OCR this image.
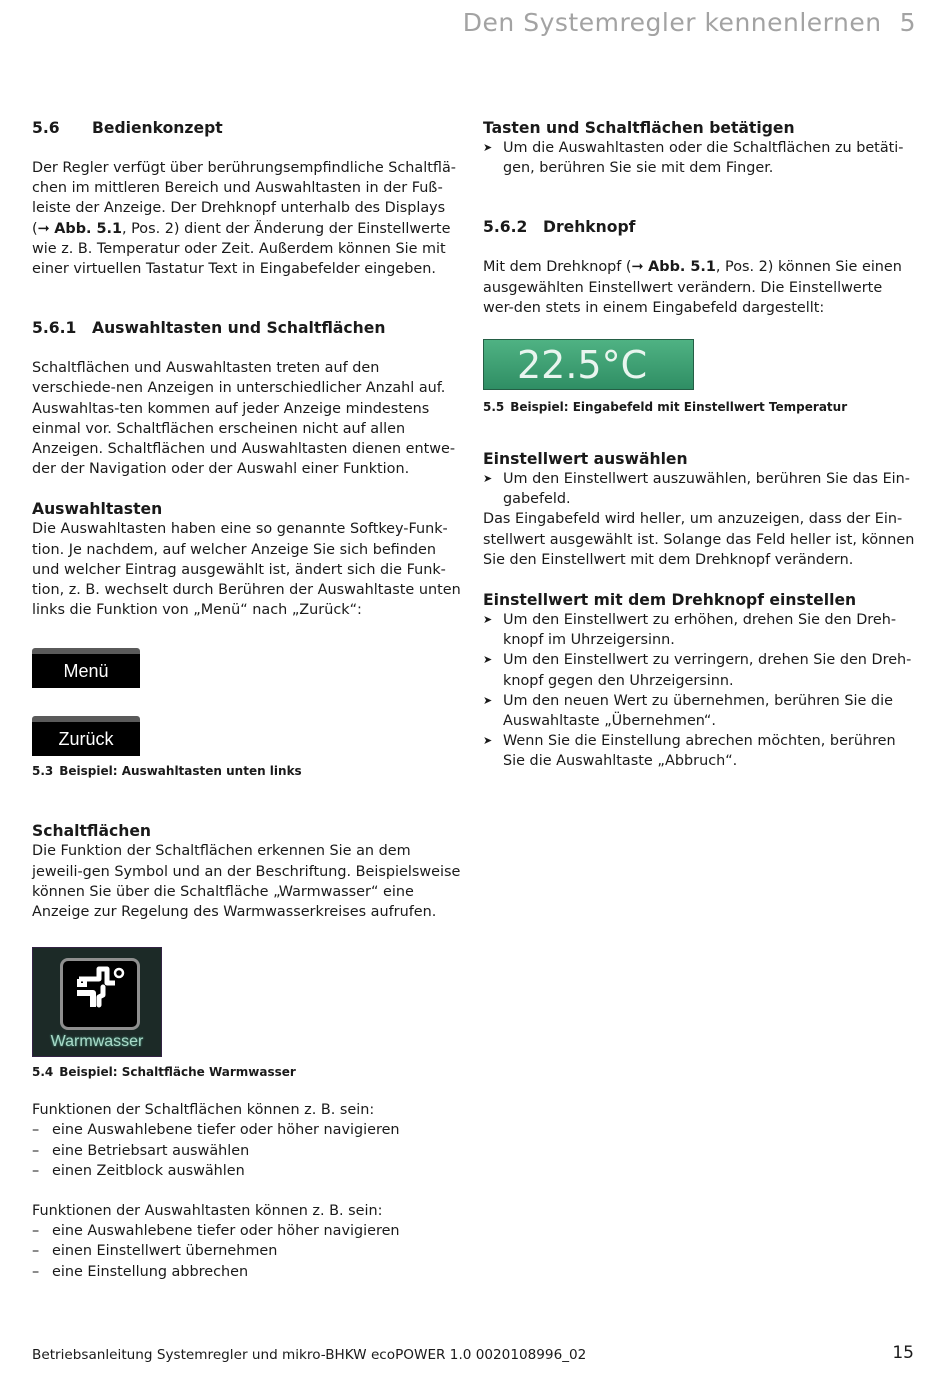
Den Systemregler kennenlernen 5
5.6	Bedienkonzept

Der Regler verfügt über berührungsempfindliche Schaltflä-chen im mittleren Bereich und Auswahltasten in der Fuß-leiste der Anzeige. Der Drehknopf unterhalb des Displays (➞ Abb. 5.1, Pos. 2) dient der Änderung der Einstellwerte wie z. B. Temperatur oder Zeit. Außerdem können Sie mit einer virtuellen Tastatur Text in Eingabefelder eingeben.

5.6.1 Auswahltasten und Schaltflächen

Schaltflächen und Auswahltasten treten auf den verschiede-nen Anzeigen in unterschiedlicher Anzahl auf. Auswahltas-ten kommen auf jeder Anzeige mindestens einmal vor. Schaltflächen erscheinen nicht auf allen Anzeigen. Schaltflächen und Auswahltasten dienen entwe-der der Navigation oder der Auswahl einer Funktion.

Auswahltasten

Die Auswahltasten haben eine so genannte Softkey-Funk-tion. Je nachdem, auf welcher Anzeige Sie sich befinden und welcher Eintrag ausgewählt ist, ändert sich die Funk-tion, z. B. wechselt durch Berühren der Auswahltaste unten links die Funktion von „Menü“ nach „Zurück“:

Menü
Zurück

5.3 Beispiel: Auswahltasten unten links

Schaltflächen

Die Funktion der Schaltflächen erkennen Sie an dem jeweili-gen Symbol und an der Beschriftung. Beispielsweise können Sie über die Schaltfläche „Warmwasser“ eine Anzeige zur Regelung des Warmwasserkreises aufrufen.

Warmwasser

5.4 Beispiel: Schaltfläche Warmwasser

Funktionen der Schaltflächen können z. B. sein:

– eine Auswahlebene tiefer oder höher navigieren
– eine Betriebsart auswählen
– einen Zeitblock auswählen

Funktionen der Auswahltasten können z. B. sein:

– eine Auswahlebene tiefer oder höher navigieren
– einen Einstellwert übernehmen
– eine Einstellung abbrechen
Tasten und Schaltflächen betätigen
➤ Um die Auswahltasten oder die Schaltflächen zu betäti-gen, berühren Sie sie mit dem Finger.
5.6.2 Drehknopf

Mit dem Drehknopf (➞ Abb. 5.1, Pos. 2) können Sie einen ausgewählten Einstellwert verändern. Die Einstellwerte wer-den stets in einem Eingabefeld dargestellt:

22.5°C

5.5 Beispiel: Eingabefeld mit Einstellwert Temperatur

Einstellwert auswählen
➤ Um den Einstellwert auszuwählen, berühren Sie das Ein-gabefeld.

Das Eingabefeld wird heller, um anzuzeigen, dass der Ein-stellwert ausgewählt ist. Solange das Feld heller ist, können Sie den Einstellwert mit dem Drehknopf verändern.

Einstellwert mit dem Drehknopf einstellen
➤ Um den Einstellwert zu erhöhen, drehen Sie den Dreh-knopf im Uhrzeigersinn.
➤ Um den Einstellwert zu verringern, drehen Sie den Dreh-knopf gegen den Uhrzeigersinn.
➤ Um den neuen Wert zu übernehmen, berühren Sie die Auswahltaste „Übernehmen“.
➤ Wenn Sie die Einstellung abrechen möchten, berühren Sie die Auswahltaste „Abbruch“.
Betriebsanleitung Systemregler und mikro-BHKW ecoPOWER 1.0 0020108996_02	15
